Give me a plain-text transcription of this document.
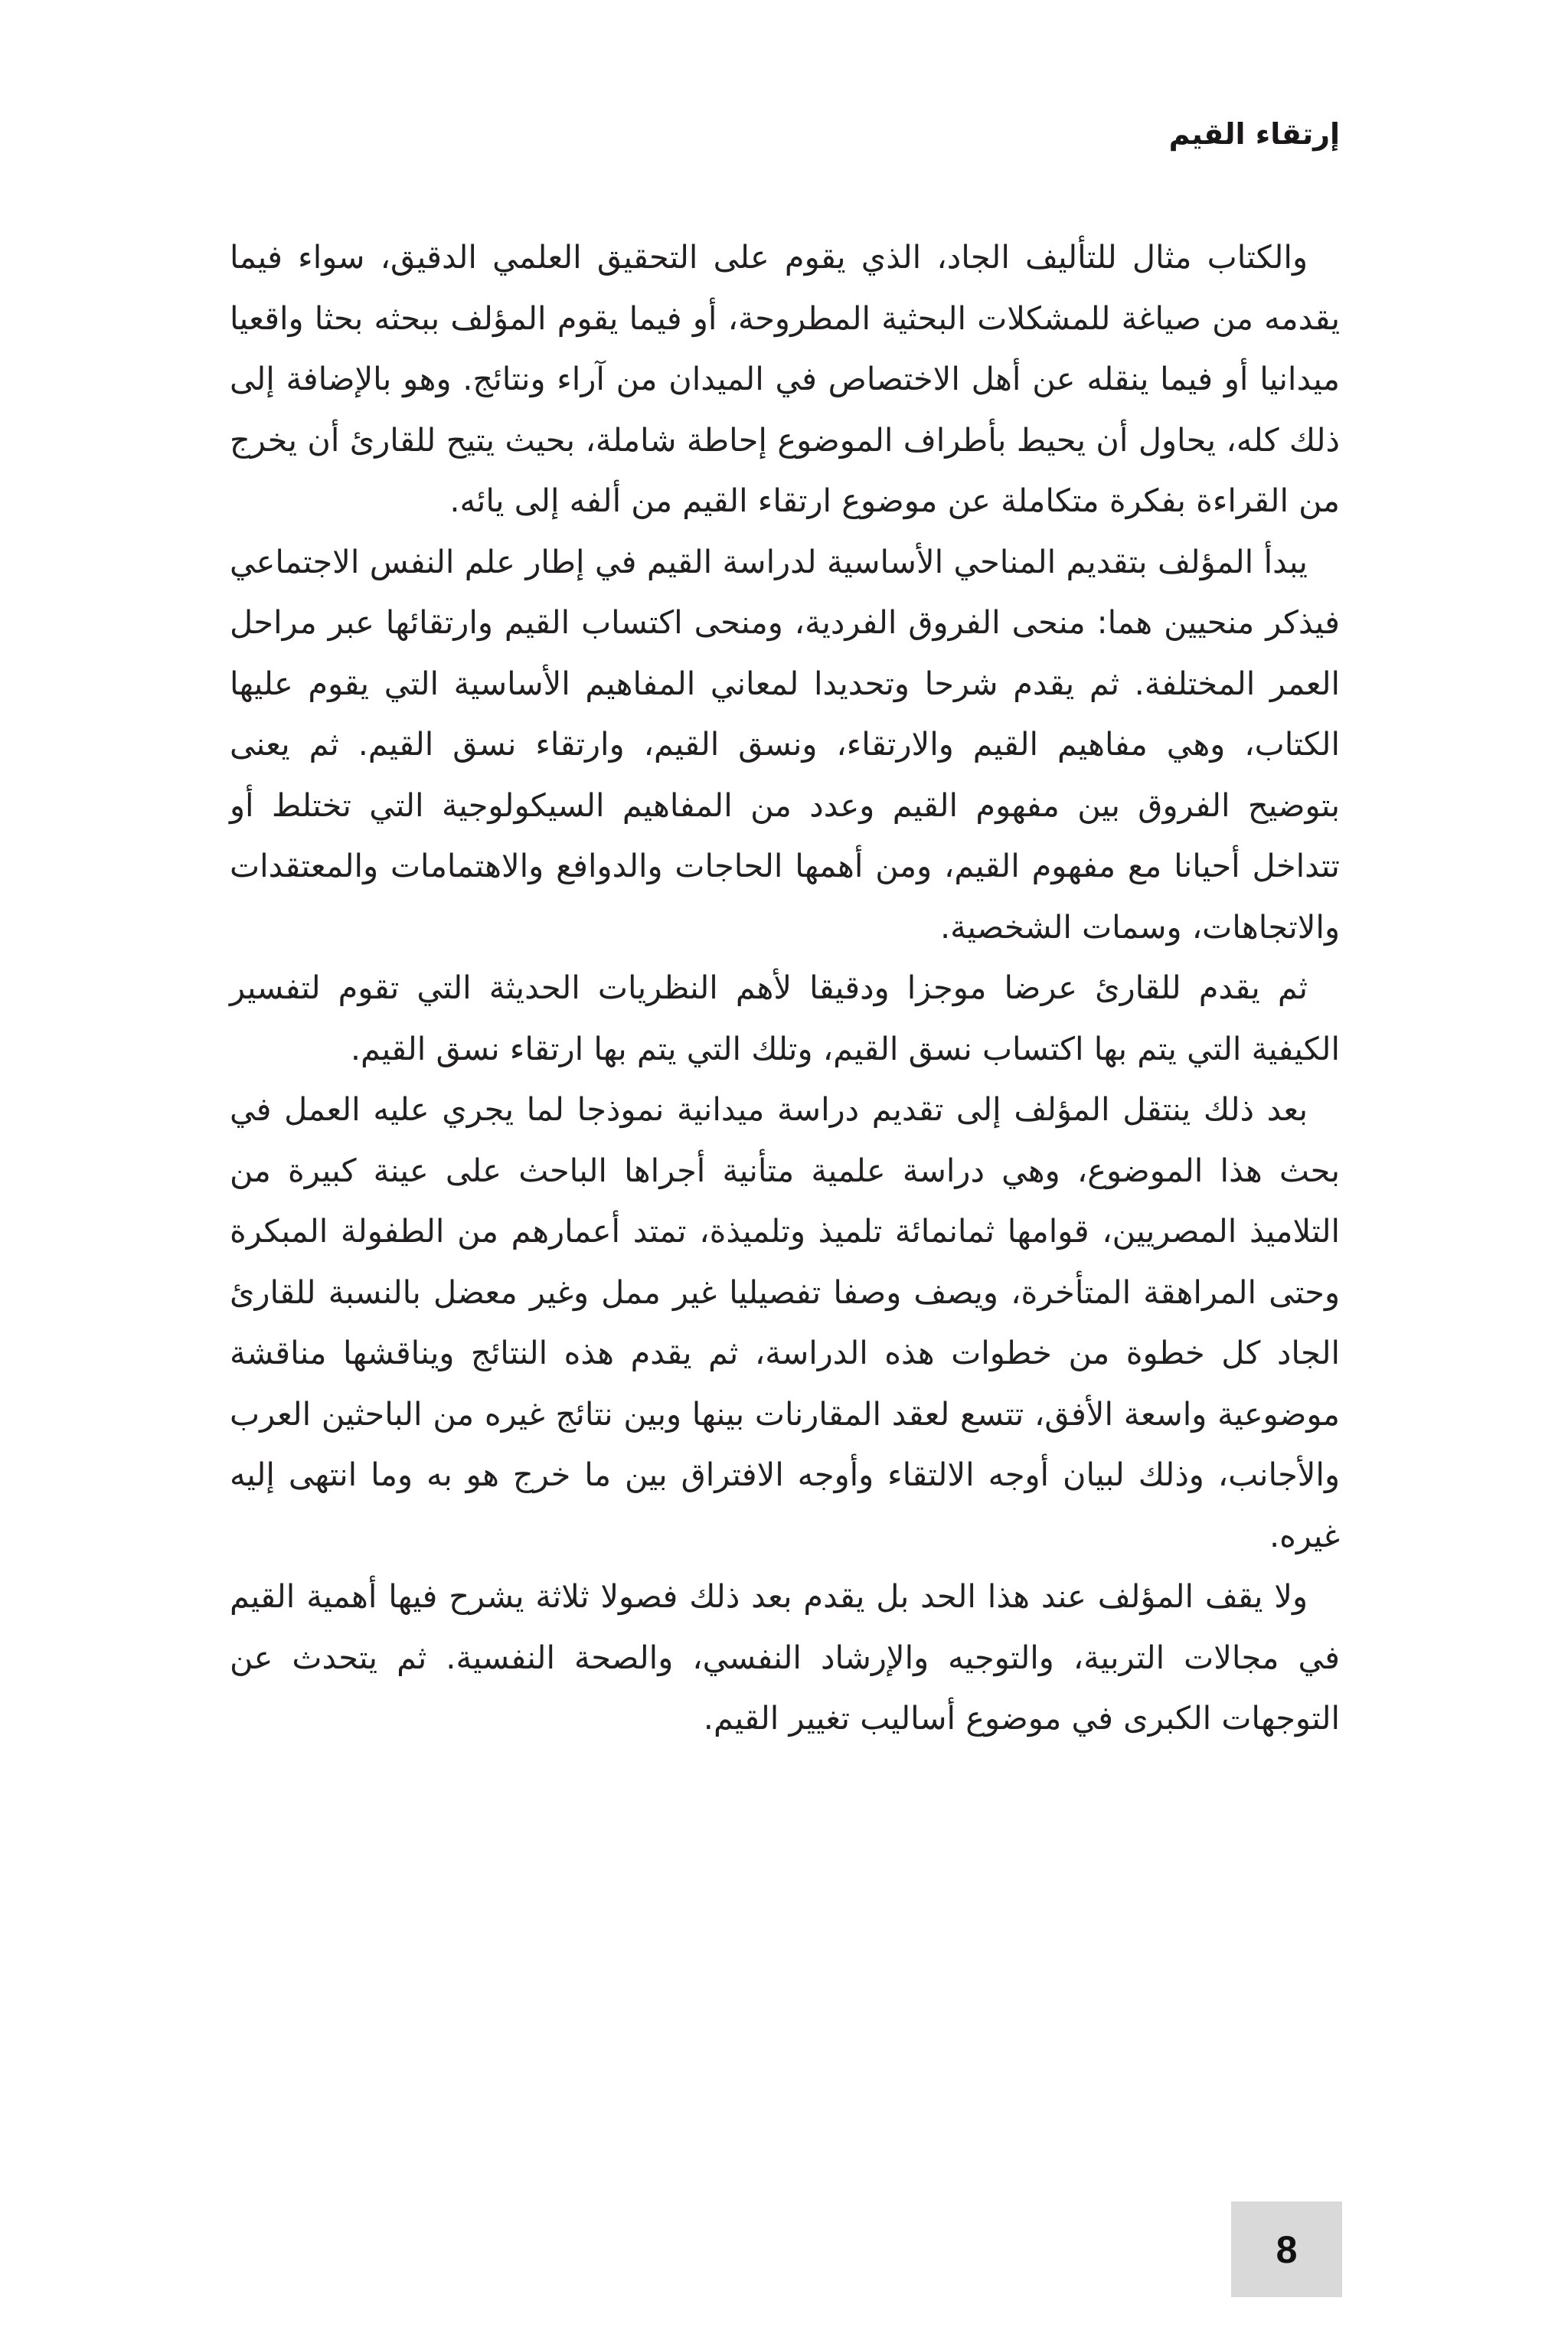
إرتقاء القيم

والكتاب مثال للتأليف الجاد، الذي يقوم على التحقيق العلمي الدقيق، سواء فيما يقدمه من صياغة للمشكلات البحثية المطروحة، أو فيما يقوم المؤلف ببحثه بحثا واقعيا ميدانيا أو فيما ينقله عن أهل الاختصاص في الميدان من آراء ونتائج. وهو بالإضافة إلى ذلك كله، يحاول أن يحيط بأطراف الموضوع إحاطة شاملة، بحيث يتيح للقارئ أن يخرج من القراءة بفكرة متكاملة عن موضوع ارتقاء القيم من ألفه إلى يائه.

يبدأ المؤلف بتقديم المناحي الأساسية لدراسة القيم في إطار علم النفس الاجتماعي فيذكر منحيين هما: منحى الفروق الفردية، ومنحى اكتساب القيم وارتقائها عبر مراحل العمر المختلفة. ثم يقدم شرحا وتحديدا لمعاني المفاهيم الأساسية التي يقوم عليها الكتاب، وهي مفاهيم القيم والارتقاء، ونسق القيم، وارتقاء نسق القيم. ثم يعنى بتوضيح الفروق بين مفهوم القيم وعدد من المفاهيم السيكولوجية التي تختلط أو تتداخل أحيانا مع مفهوم القيم، ومن أهمها الحاجات والدوافع والاهتمامات والمعتقدات والاتجاهات، وسمات الشخصية.

ثم يقدم للقارئ عرضا موجزا ودقيقا لأهم النظريات الحديثة التي تقوم لتفسير الكيفية التي يتم بها اكتساب نسق القيم، وتلك التي يتم بها ارتقاء نسق القيم.

بعد ذلك ينتقل المؤلف إلى تقديم دراسة ميدانية نموذجا لما يجري عليه العمل في بحث هذا الموضوع، وهي دراسة علمية متأنية أجراها الباحث على عينة كبيرة من التلاميذ المصريين، قوامها ثمانمائة تلميذ وتلميذة، تمتد أعمارهم من الطفولة المبكرة وحتى المراهقة المتأخرة، ويصف وصفا تفصيليا غير ممل وغير معضل بالنسبة للقارئ الجاد كل خطوة من خطوات هذه الدراسة، ثم يقدم هذه النتائج ويناقشها مناقشة موضوعية واسعة الأفق، تتسع لعقد المقارنات بينها وبين نتائج غيره من الباحثين العرب والأجانب، وذلك لبيان أوجه الالتقاء وأوجه الافتراق بين ما خرج هو به وما انتهى إليه غيره.

ولا يقف المؤلف عند هذا الحد بل يقدم بعد ذلك فصولا ثلاثة يشرح فيها أهمية القيم في مجالات التربية، والتوجيه والإرشاد النفسي، والصحة النفسية. ثم يتحدث عن التوجهات الكبرى في موضوع أساليب تغيير القيم.

8
